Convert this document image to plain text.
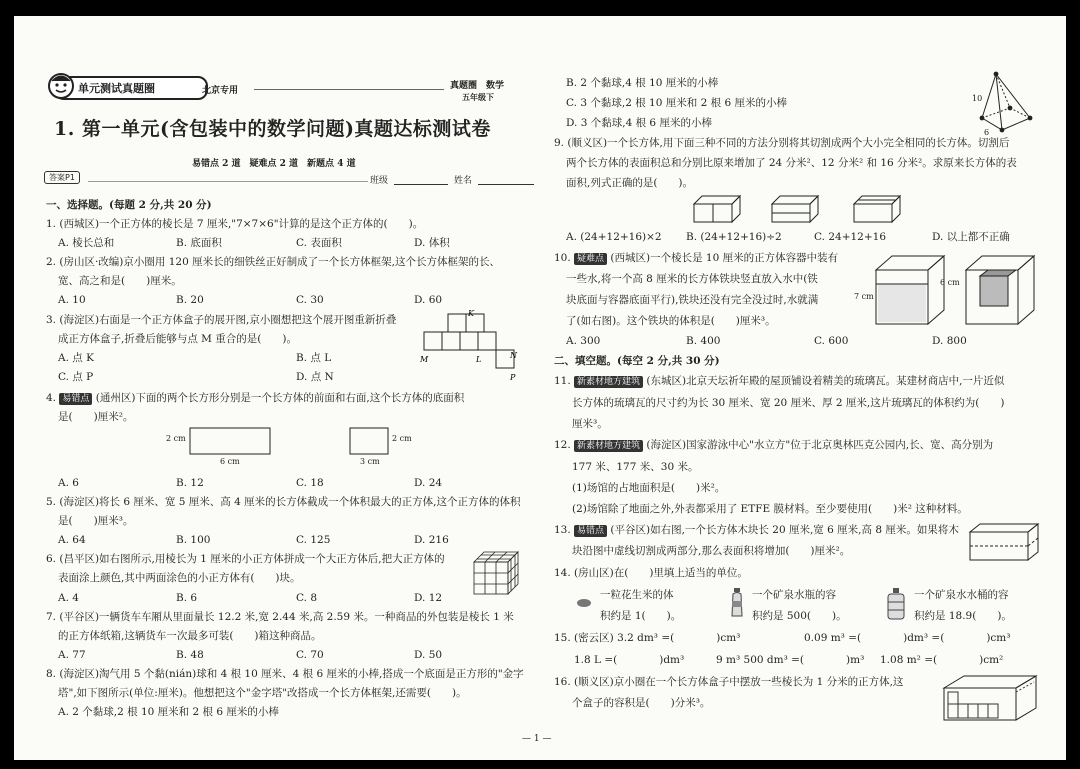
单元测试真题圈	北京专用	真题圈　数学
五年级下
1. 第一单元(含包装中的数学问题)真题达标测试卷
易错点 2 道　疑难点 2 道　新题点 4 道
答案P1	班级	姓名
一、选择题。(每题 2 分,共 20 分)
1. (西城区)一个正方体的棱长是 7 厘米,"7×7×6"计算的是这个正方体的(　　)。
A. 棱长总和	B. 底面积	C. 表面积	D. 体积
2. (房山区·改编)京小圈用 120 厘米长的细铁丝正好制成了一个长方体框架,这个长方体框架的长、
宽、高之和是(　　)厘米。
A. 10	B. 20	C. 30	D. 60
3. (海淀区)右面是一个正方体盒子的展开图,京小圈想把这个展开图重新折叠
成正方体盒子,折叠后能够与点 M 重合的是(　　)。
A. 点 K	B. 点 L
C. 点 P	D. 点 N
K
M	L	N
P
4. 易错点 (通州区)下面的两个长方形分别是一个长方体的前面和右面,这个长方体的底面积
是(　　)厘米²。
2 cm
6 cm
2 cm
3 cm
A. 6	B. 12	C. 18	D. 24
5. (海淀区)将长 6 厘米、宽 5 厘米、高 4 厘米的长方体截成一个体积最大的正方体,这个正方体的体积
是(　　)厘米³。
A. 64	B. 100	C. 125	D. 216
6. (昌平区)如右图所示,用棱长为 1 厘米的小正方体拼成一个大正方体后,把大正方体的
表面涂上颜色,其中两面涂色的小正方体有(　　)块。
A. 4	B. 6	C. 8	D. 12
7. (平谷区)一辆货车车厢从里面量长 12.2 米,宽 2.44 米,高 2.59 米。一种商品的外包装是棱长 1 米
的正方体纸箱,这辆货车一次最多可装(　　)箱这种商品。
A. 77	B. 48	C. 70	D. 50
8. (海淀区)淘气用 5 个黏(nián)球和 4 根 10 厘米、4 根 6 厘米的小棒,搭成一个底面是正方形的"金字
塔",如下图所示(单位:厘米)。他想把这个"金字塔"改搭成一个长方体框架,还需要(　　)。
A. 2 个黏球,2 根 10 厘米和 2 根 6 厘米的小棒
B. 2 个黏球,4 根 10 厘米的小棒
C. 3 个黏球,2 根 10 厘米和 2 根 6 厘米的小棒
D. 3 个黏球,4 根 6 厘米的小棒
10
6
9. (顺义区)一个长方体,用下面三种不同的方法分别将其切割成两个大小完全相同的长方体。切割后
两个长方体的表面积总和分别比原来增加了 24 分米²、12 分米² 和 16 分米²。求原来长方体的表
面积,列式正确的是(　　)。
A. (24+12+16)×2 B. (24+12+16)÷2	C. 24+12+16	D. 以上都不正确
10. 疑难点 (西城区)一个棱长是 10 厘米的正方体容器中装有
一些水,将一个高 8 厘米的长方体铁块竖直放入水中(铁
块底面与容器底面平行),铁块还没有完全没过时,水就满
了(如右图)。这个铁块的体积是(　　)厘米³。
7 cm
6 cm
A. 300	B. 400	C. 600	D. 800
二、填空题。(每空 2 分,共 30 分)
11. 新素材地方建筑 (东城区)北京天坛祈年殿的屋顶铺设着精美的琉璃瓦。某建材商店中,一片近似
长方体的琉璃瓦的尺寸约为长 30 厘米、宽 20 厘米、厚 2 厘米,这片琉璃瓦的体积约为(　　)
厘米³。
12. 新素材地方建筑 (海淀区)国家游泳中心"水立方"位于北京奥林匹克公园内,长、宽、高分别为
177 米、177 米、30 米。
(1)场馆的占地面积是(　　)米²。
(2)场馆除了地面之外,外表都采用了 ETFE 膜材料。至少要使用(　　)米² 这种材料。
13. 易错点 (平谷区)如右图,一个长方体木块长 20 厘米,宽 6 厘米,高 8 厘米。如果将木
块沿图中虚线切割成两部分,那么表面积将增加(　　)厘米²。
14. (房山区)在(　　)里填上适当的单位。
一粒花生米的体
积约是 1(　　)。
一个矿泉水瓶的容
积约是 500(　　)。
一个矿泉水水桶的容
积约是 18.9(　　)。
15. (密云区) 3.2 dm³ =(　　　　)cm³	0.09 m³ =(　　　　)dm³ =(　　　　)cm³
1.8 L =(　　　　)dm³	9 m³ 500 dm³ =(　　　　)m³ 1.08 m² =(　　　　)cm²
16. (顺义区)京小圈在一个长方体盒子中摆放一些棱长为 1 分米的正方体,这
个盒子的容积是(　　)分米³。
— 1 —
